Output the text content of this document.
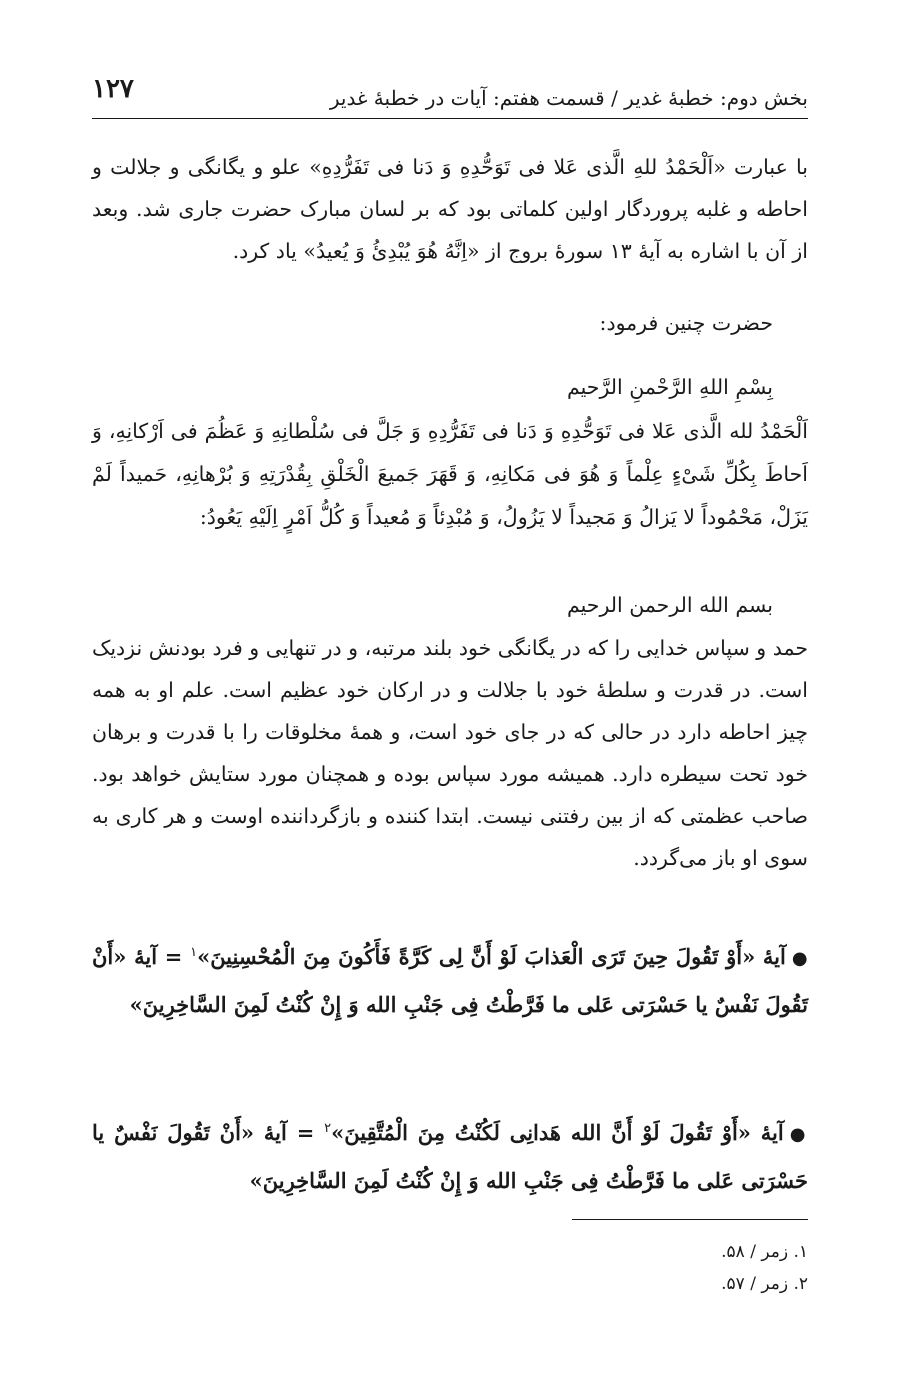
بخش دوم: خطبۀ غدیر / قسمت هفتم: آیات در خطبۀ غدیر
۱۲۷

با عبارت «اَلْحَمْدُ للهِ الَّذى عَلا فى تَوَحُّدِهِ وَ دَنا فى تَفَرُّدِهِ» علو و یگانگی و جلالت و احاطه و غلبه پروردگار اولین کلماتی بود که بر لسان مبارک حضرت جاری شد. وبعد از آن با اشاره به آیۀ ۱۳ سورۀ بروج از «اِنَّهُ هُوَ یُبْدِئُ وَ یُعیدُ» یاد کرد.

حضرت چنین فرمود:

بِسْمِ اللهِ الرَّحْمنِ الرَّحیم

اَلْحَمْدُ لله الَّذى عَلا فى تَوَحُّدِهِ وَ دَنا فى تَفَرُّدِهِ وَ جَلَّ فى سُلْطانِهِ وَ عَظُمَ فى اَرْکانِهِ، وَ اَحاطَ بِکُلِّ شَیْءٍ عِلْماً وَ هُوَ فى مَکانِهِ، وَ قَهَرَ جَمیعَ الْخَلْقِ بِقُدْرَتِهِ وَ بُرْهانِهِ، حَمیداً لَمْ یَزَلْ، مَحْمُوداً لا یَزالُ وَ مَجیداً لا یَزُولُ، وَ مُبْدِئاً وَ مُعیداً وَ کُلُّ اَمْرٍ اِلَیْهِ یَعُودُ:

بسم الله الرحمن الرحیم

حمد و سپاس خدایی را که در یگانگی خود بلند مرتبه، و در تنهایی و فرد بودنش نزدیک است. در قدرت و سلطۀ خود با جلالت و در ارکان خود عظیم است. علم او به همه چیز احاطه دارد در حالی که در جای خود است، و همۀ مخلوقات را با قدرت و برهان خود تحت سیطره دارد. همیشه مورد سپاس بوده و همچنان مورد ستایش خواهد بود. صاحب عظمتی که از بین رفتنی نیست. ابتدا کننده و بازگرداننده اوست و هر کاری به سوی او باز می‌گردد.

●آیۀ «أَوْ تَقُولَ حِینَ تَرَى الْعَذابَ لَوْ أَنَّ لِی کَرَّةً فَأَکُونَ مِنَ الْمُحْسِنِینَ»$^۱$ = آیۀ «أَنْ تَقُولَ نَفْسٌ یا حَسْرَتى عَلى ما فَرَّطْتُ فِی جَنْبِ الله وَ إِنْ کُنْتُ لَمِنَ السَّاخِرِینَ»

●آیۀ «أَوْ تَقُولَ لَوْ أَنَّ الله هَدانِی لَکُنْتُ مِنَ الْمُتَّقِینَ»$^۲$ = آیۀ «أَنْ تَقُولَ نَفْسٌ یا حَسْرَتى عَلى ما فَرَّطْتُ فِی جَنْبِ الله وَ إِنْ کُنْتُ لَمِنَ السَّاخِرِینَ»

۱. زمر / ۵۸.

۲. زمر / ۵۷.
